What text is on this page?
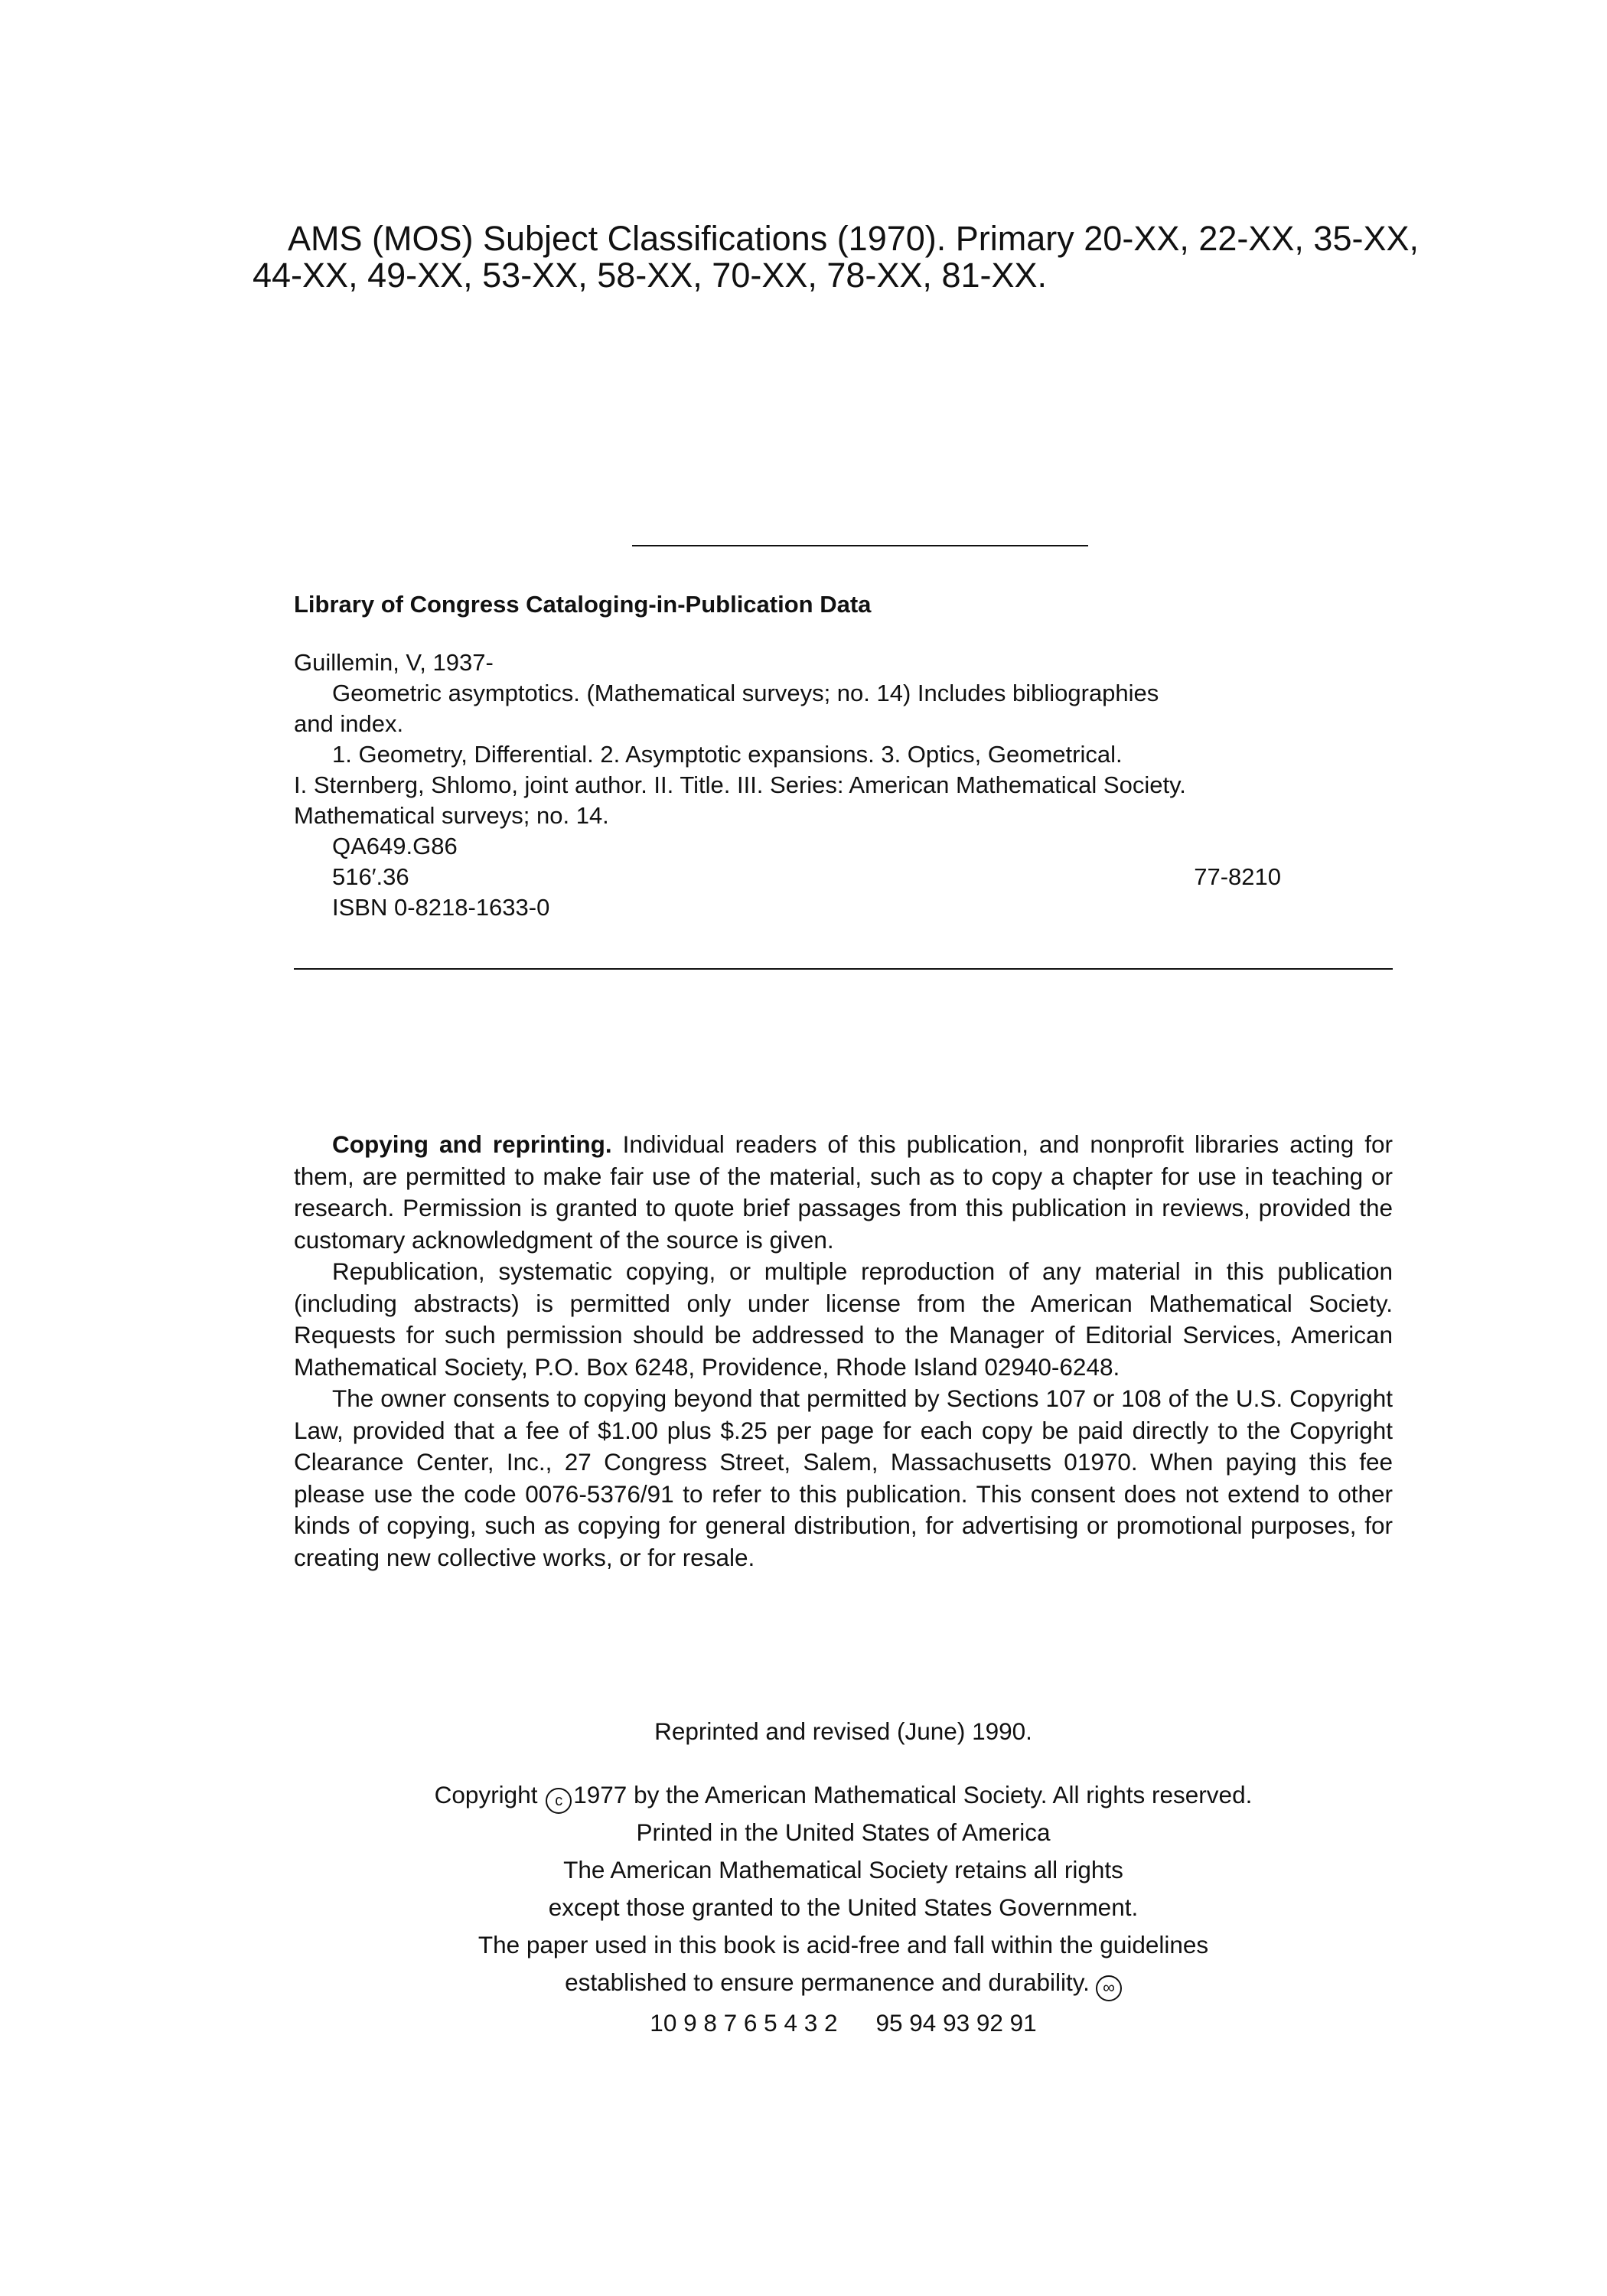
AMS (MOS) Subject Classifications (1970). Primary 20-XX, 22-XX, 35-XX,
44-XX, 49-XX, 53-XX, 58-XX, 70-XX, 78-XX, 81-XX.
Library of Congress Cataloging-in-Publication Data
Guillemin, V, 1937-
Geometric asymptotics. (Mathematical surveys; no. 14) Includes bibliographies
and index.
1. Geometry, Differential. 2. Asymptotic expansions. 3. Optics, Geometrical.
I. Sternberg, Shlomo, joint author. II. Title. III. Series: American Mathematical Society.
Mathematical surveys; no. 14.
QA649.G86
516′.36	77-8210
ISBN 0-8218-1633-0

Copying and reprinting. Individual readers of this publication, and nonprofit libraries acting for them, are permitted to make fair use of the material, such as to copy a chapter for use in teaching or research. Permission is granted to quote brief passages from this publication in reviews, provided the customary acknowledgment of the source is given.

Republication, systematic copying, or multiple reproduction of any material in this publication (including abstracts) is permitted only under license from the American Mathematical Society. Requests for such permission should be addressed to the Manager of Editorial Services, American Mathematical Society, P.O. Box 6248, Providence, Rhode Island 02940-6248.

The owner consents to copying beyond that permitted by Sections 107 or 108 of the U.S. Copyright Law, provided that a fee of $1.00 plus $.25 per page for each copy be paid directly to the Copyright Clearance Center, Inc., 27 Congress Street, Salem, Massachusetts 01970. When paying this fee please use the code 0076-5376/91 to refer to this publication. This consent does not extend to other kinds of copying, such as copying for general distribution, for advertising or promotional purposes, for creating new collective works, or for resale.

Reprinted and revised (June) 1990.
Copyright c 1977 by the American Mathematical Society. All rights reserved.
Printed in the United States of America
The American Mathematical Society retains all rights
except those granted to the United States Government.
The paper used in this book is acid-free and fall within the guidelines
established to ensure permanence and durability. ∞
10 9 8 7 6 5 4 3 2 95 94 93 92 91
